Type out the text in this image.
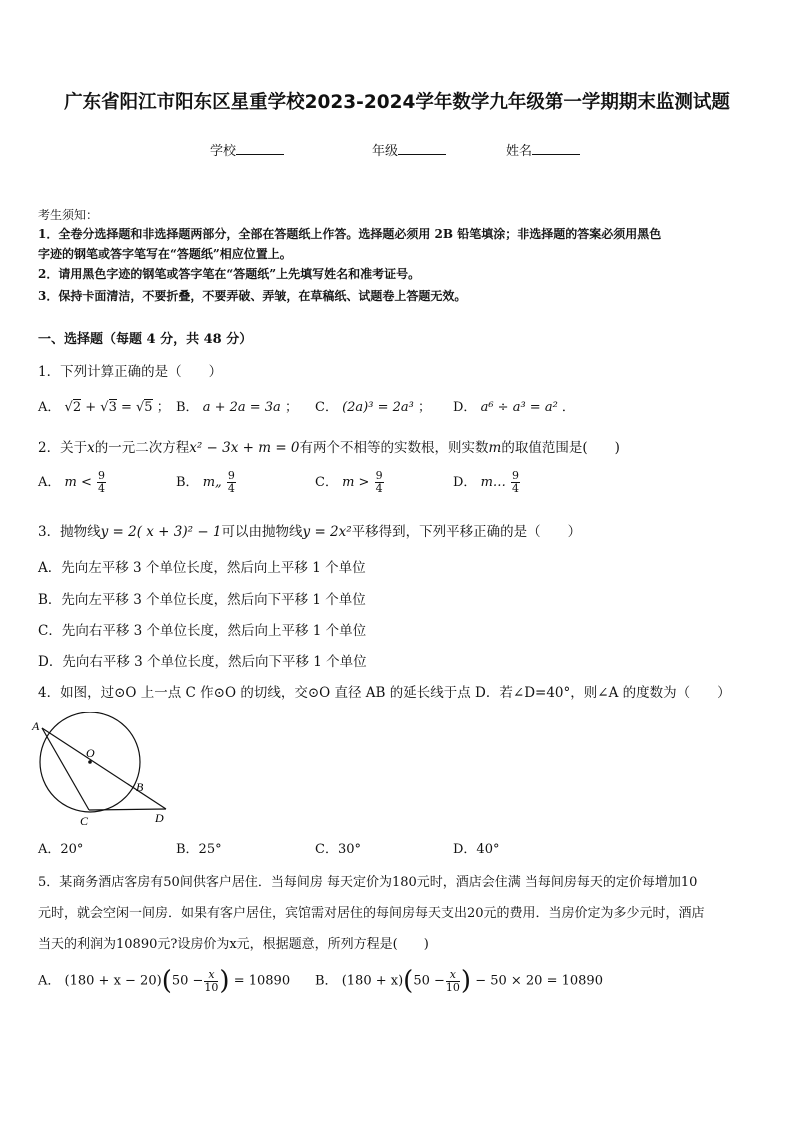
广东省阳江市阳东区星重学校2023-2024学年数学九年级第一学期期末监测试题
学校	年级	姓名
考生须知：
1．全卷分选择题和非选择题两部分，全部在答题纸上作答。选择题必须用 2B 铅笔填涂；非选择题的答案必须用黑色
字迹的钢笔或答字笔写在“答题纸”相应位置上。
2．请用黑色字迹的钢笔或答字笔在“答题纸”上先填写姓名和准考证号。
3．保持卡面清洁，不要折叠，不要弄破、弄皱，在草稿纸、试题卷上答题无效。
一、选择题（每题 4 分，共 48 分）
1．下列计算正确的是（　　）
A． √2 + √3 = √5 ； B． a + 2a = 3a ； C． (2a)³ = 2a³ ； D． a⁶ ÷ a³ = a² ．
2．关于x的一元二次方程x² − 3x + m = 0有两个不相等的实数根，则实数m的取值范围是(　　)
A． $m < \frac{9}{4}$	B． m„ $\frac{9}{4}$	C． $m > \frac{9}{4}$	D． m… $\frac{9}{4}$
3．抛物线y = 2( x + 3)² − 1可以由抛物线y = 2x²平移得到，下列平移正确的是（　　）
A．先向左平移 3 个单位长度，然后向上平移 1 个单位
B．先向左平移 3 个单位长度，然后向下平移 1 个单位
C．先向右平移 3 个单位长度，然后向上平移 1 个单位
D．先向右平移 3 个单位长度，然后向下平移 1 个单位
4．如图，过⊙O 上一点 C 作⊙O 的切线，交⊙O 直径 AB 的延长线于点 D．若∠D=40°，则∠A 的度数为（　　）
A
O
B
C	D
A．20°	B．25°	C．30°	D．40°
5．某商务酒店客房有50间供客户居住．当每间房 每天定价为180元时，酒店会住满 当每间房每天的定价每增加10
元时，就会空闲一间房．如果有客户居住，宾馆需对居住的每间房每天支出20元的费用．当房价定为多少元时，酒店
当天的利润为10890元?设房价为x元，根据题意，所列方程是(　　)
A． $(180 + x - 20)(50 - \frac{x}{10}$ ) = 10890 B． $(180 + x)(50 - \frac{x}{10}$ ) − 50 × 20 = 10890
